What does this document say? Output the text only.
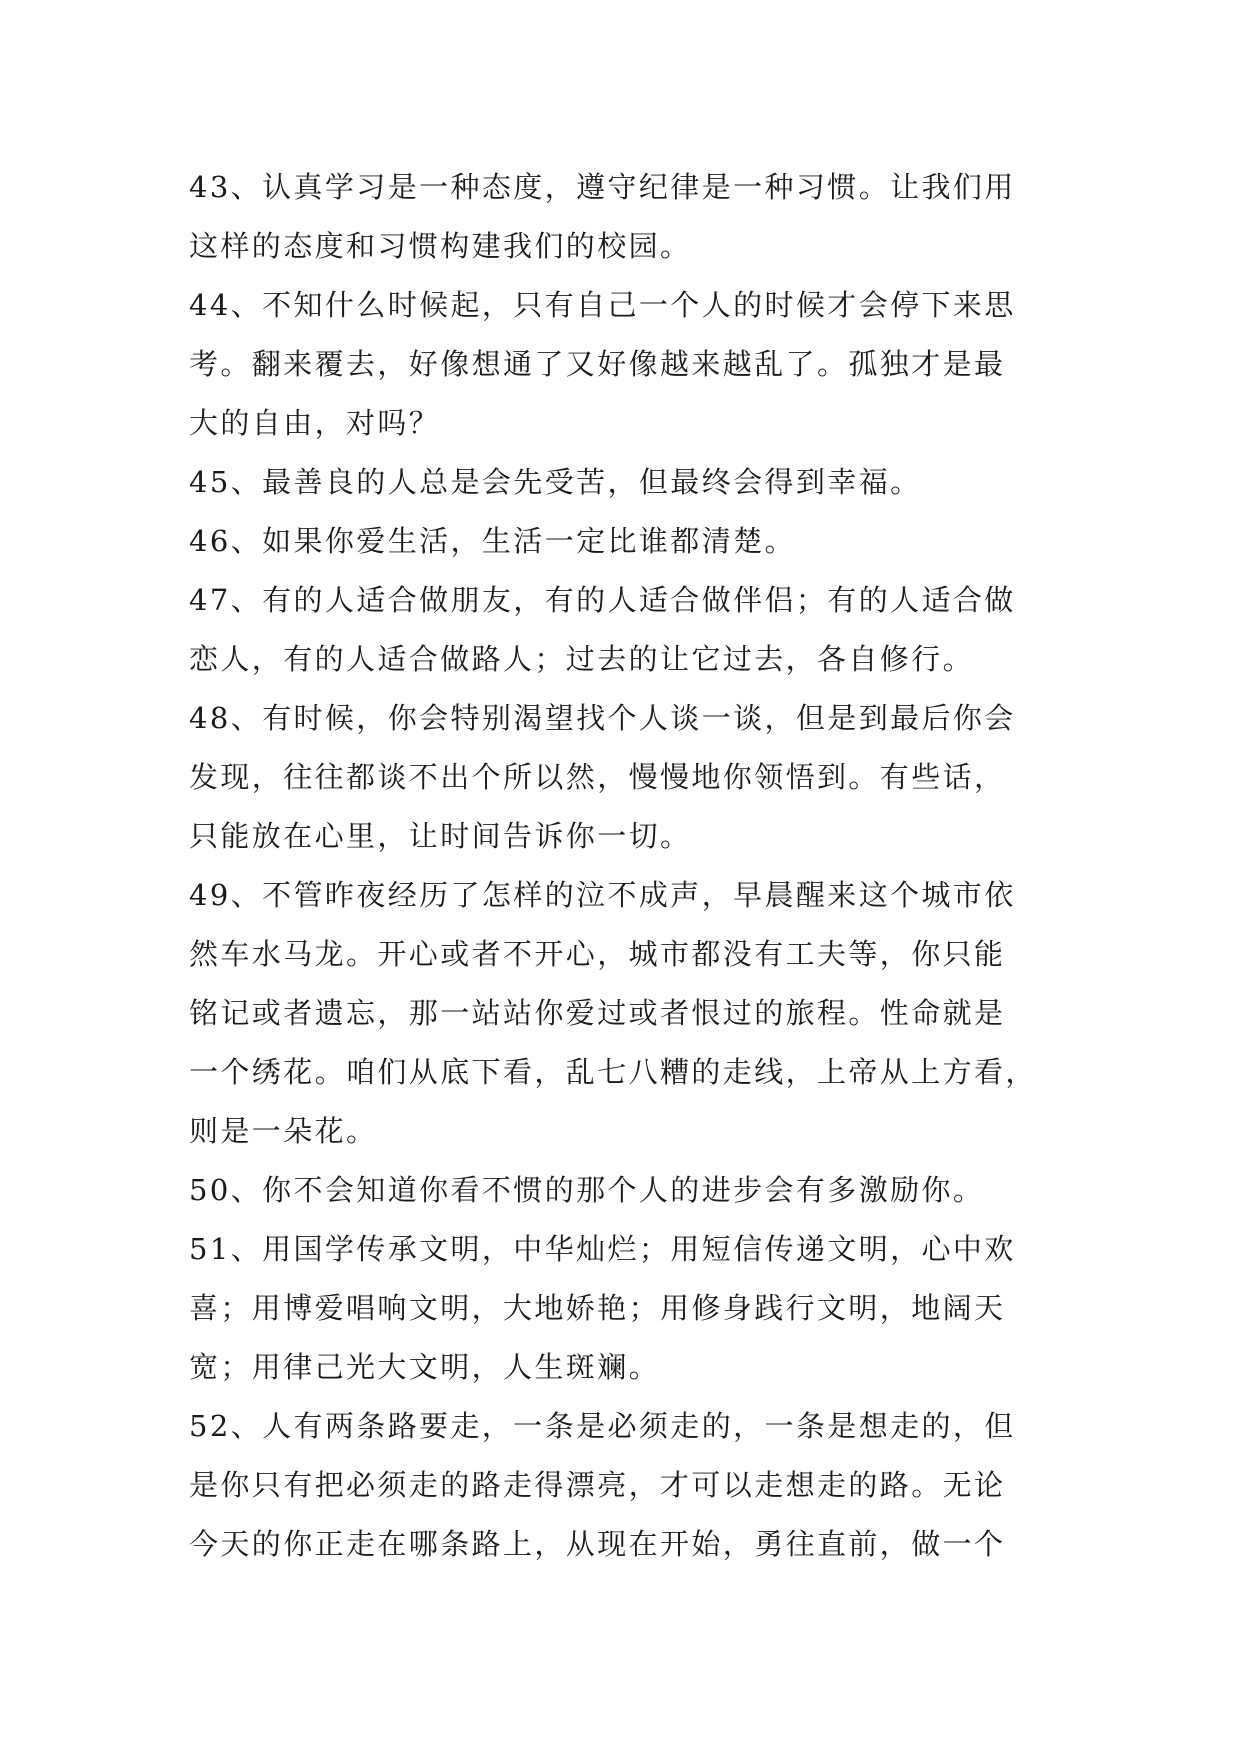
43、认真学习是一种态度，遵守纪律是一种习惯。让我们用
这样的态度和习惯构建我们的校园。
44、不知什么时候起，只有自己一个人的时候才会停下来思
考。翻来覆去，好像想通了又好像越来越乱了。孤独才是最
大的自由，对吗？
45、最善良的人总是会先受苦，但最终会得到幸福。
46、如果你爱生活，生活一定比谁都清楚。
47、有的人适合做朋友，有的人适合做伴侣；有的人适合做
恋人，有的人适合做路人；过去的让它过去，各自修行。
48、有时候，你会特别渴望找个人谈一谈，但是到最后你会
发现，往往都谈不出个所以然，慢慢地你领悟到。有些话，
只能放在心里，让时间告诉你一切。
49、不管昨夜经历了怎样的泣不成声，早晨醒来这个城市依
然车水马龙。开心或者不开心，城市都没有工夫等，你只能
铭记或者遗忘，那一站站你爱过或者恨过的旅程。性命就是
一个绣花。咱们从底下看，乱七八糟的走线，上帝从上方看，
则是一朵花。
50、你不会知道你看不惯的那个人的进步会有多激励你。
51、用国学传承文明，中华灿烂；用短信传递文明，心中欢
喜；用博爱唱响文明，大地娇艳；用修身践行文明，地阔天
宽；用律己光大文明，人生斑斓。
52、人有两条路要走，一条是必须走的，一条是想走的，但
是你只有把必须走的路走得漂亮，才可以走想走的路。无论
今天的你正走在哪条路上，从现在开始，勇往直前，做一个
